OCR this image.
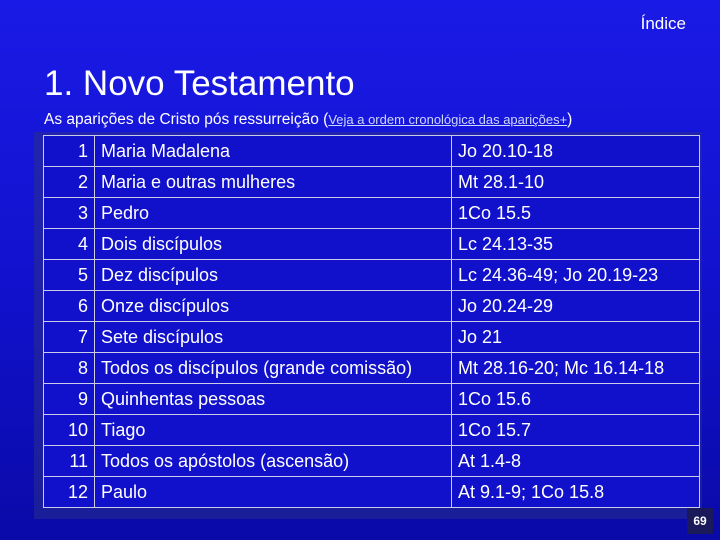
Índice
1. Novo Testamento
As aparições de Cristo pós ressurreição (Veja a ordem cronológica das aparições+)
1	Maria Madalena	Jo 20.10-18
2	Maria e outras mulheres	Mt 28.1-10
3	Pedro	1Co 15.5
4	Dois discípulos	Lc 24.13-35
5	Dez discípulos	Lc 24.36-49; Jo 20.19-23
6	Onze discípulos	Jo 20.24-29
7	Sete discípulos	Jo 21
8	Todos os discípulos (grande comissão)	Mt 28.16-20; Mc 16.14-18
9	Quinhentas pessoas	1Co 15.6
10	Tiago	1Co 15.7
11	Todos os apóstolos (ascensão)	At 1.4-8
12	Paulo	At 9.1-9; 1Co 15.8
69
